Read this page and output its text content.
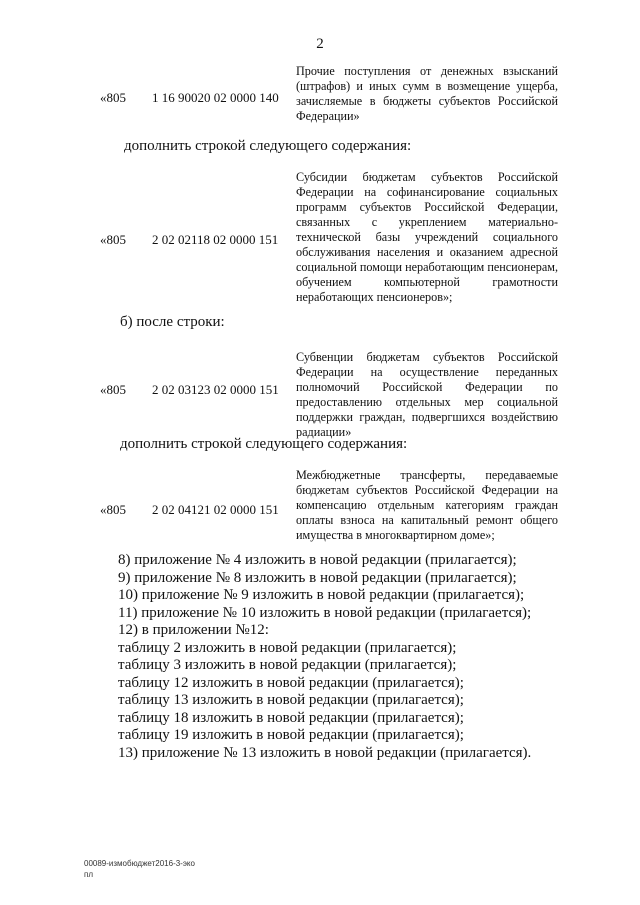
2
«805 1 16 90020 02 0000 140
Прочие поступления от денежных взысканий (штрафов) и иных сумм в возмещение ущерба, зачисляемые в бюджеты субъектов Российской Федерации»
дополнить строкой следующего содержания:
«805 2 02 02118 02 0000 151
Субсидии бюджетам субъектов Российской Федерации на софинансирование социальных программ субъектов Российской Федерации, связанных с укреплением материально-технической базы учреждений социального обслуживания населения и оказанием адресной социальной помощи неработающим пенсионерам, обучением компьютерной грамотности неработающих пенсионеров»;
б) после строки:
«805 2 02 03123 02 0000 151
Субвенции бюджетам субъектов Российской Федерации на осуществление переданных полномочий Российской Федерации по предоставлению отдельных мер социальной поддержки граждан, подвергшихся воздействию радиации»
дополнить строкой следующего содержания:
«805 2 02 04121 02 0000 151
Межбюджетные трансферты, передаваемые бюджетам субъектов Российской Федерации на компенсацию отдельным категориям граждан оплаты взноса на капитальный ремонт общего имущества в многоквартирном доме»;
8) приложение № 4 изложить в новой редакции (прилагается);
9) приложение № 8 изложить в новой редакции (прилагается);
10) приложение № 9 изложить в новой редакции (прилагается);
11) приложение № 10 изложить в новой редакции (прилагается);
12) в приложении №12:
таблицу 2 изложить в новой редакции (прилагается);
таблицу 3 изложить в новой редакции (прилагается);
таблицу 12 изложить в новой редакции (прилагается);
таблицу 13 изложить в новой редакции (прилагается);
таблицу 18 изложить в новой редакции (прилагается);
таблицу 19 изложить в новой редакции (прилагается);
13) приложение № 13 изложить в новой редакции (прилагается).
00089-измобюджет2016-3-эко
пл
